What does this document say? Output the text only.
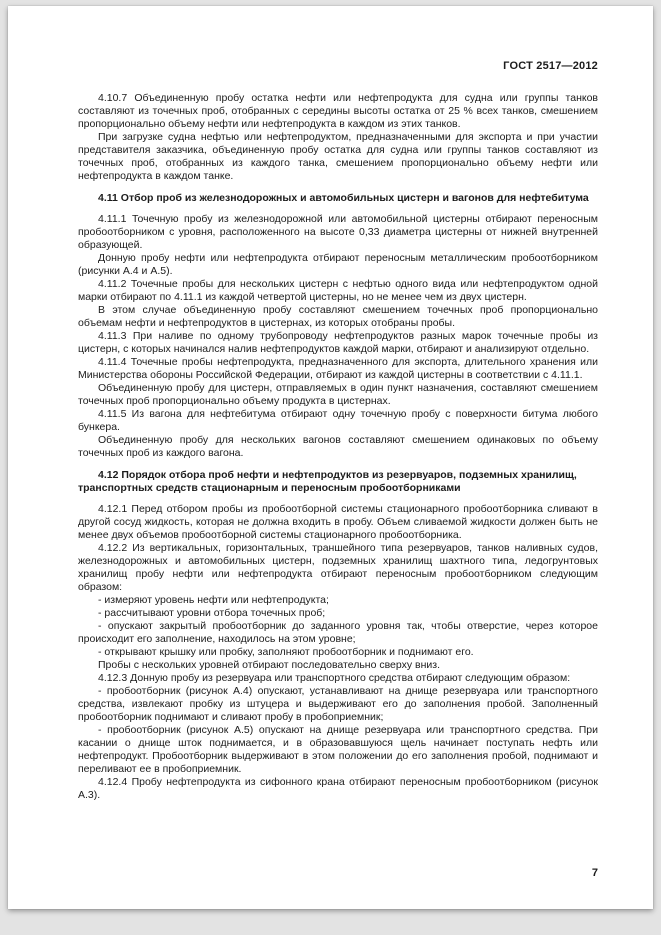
ГОСТ 2517—2012

4.10.7 Объединенную пробу остатка нефти или нефтепродукта для судна или группы танков составляют из точечных проб, отобранных с середины высоты остатка от 25 % всех танков, смешением пропорционально объему нефти или нефтепродукта в каждом из этих танков.

При загрузке судна нефтью или нефтепродуктом, предназначенными для экспорта и при участии представителя заказчика, объединенную пробу остатка для судна или группы танков составляют из точечных проб, отобранных из каждого танка, смешением пропорционально объему нефти или нефтепродукта в каждом танке.

4.11 Отбор проб из железнодорожных и автомобильных цистерн и вагонов для нефтебитума

4.11.1 Точечную пробу из железнодорожной или автомобильной цистерны отбирают переносным пробоотборником с уровня, расположенного на высоте 0,33 диаметра цистерны от нижней внутренней образующей.

Донную пробу нефти или нефтепродукта отбирают переносным металлическим пробоотборником (рисунки А.4 и А.5).

4.11.2 Точечные пробы для нескольких цистерн с нефтью одного вида или нефтепродуктом одной марки отбирают по 4.11.1 из каждой четвертой цистерны, но не менее чем из двух цистерн.

В этом случае объединенную пробу составляют смешением точечных проб пропорционально объемам нефти и нефтепродуктов в цистернах, из которых отобраны пробы.

4.11.3 При наливе по одному трубопроводу нефтепродуктов разных марок точечные пробы из цистерн, с которых начинался налив нефтепродуктов каждой марки, отбирают и анализируют отдельно.

4.11.4 Точечные пробы нефтепродукта, предназначенного для экспорта, длительного хранения или Министерства обороны Российской Федерации, отбирают из каждой цистерны в соответствии с 4.11.1.

Объединенную пробу для цистерн, отправляемых в один пункт назначения, составляют смешением точечных проб пропорционально объему продукта в цистернах.

4.11.5 Из вагона для нефтебитума отбирают одну точечную пробу с поверхности битума любого бункера.

Объединенную пробу для нескольких вагонов составляют смешением одинаковых по объему точечных проб из каждого вагона.

4.12 Порядок отбора проб нефти и нефтепродуктов из резервуаров, подземных хранилищ, транспортных средств стационарным и переносным пробоотборниками

4.12.1 Перед отбором пробы из пробоотборной системы стационарного пробоотборника сливают в другой сосуд жидкость, которая не должна входить в пробу. Объем сливаемой жидкости должен быть не менее двух объемов пробоотборной системы стационарного пробоотборника.

4.12.2 Из вертикальных, горизонтальных, траншейного типа резервуаров, танков наливных судов, железнодорожных и автомобильных цистерн, подземных хранилищ шахтного типа, ледогрунтовых хранилищ пробу нефти или нефтепродукта отбирают переносным пробоотборником следующим образом:

- измеряют уровень нефти или нефтепродукта;

- рассчитывают уровни отбора точечных проб;

- опускают закрытый пробоотборник до заданного уровня так, чтобы отверстие, через которое происходит его заполнение, находилось на этом уровне;

- открывают крышку или пробку, заполняют пробоотборник и поднимают его.

Пробы с нескольких уровней отбирают последовательно сверху вниз.

4.12.3 Донную пробу из резервуара или транспортного средства отбирают следующим образом:

- пробоотборник (рисунок А.4) опускают, устанавливают на днище резервуара или транспортного средства, извлекают пробку из штуцера и выдерживают его до заполнения пробой. Заполненный пробоотборник поднимают и сливают пробу в пробоприемник;

- пробоотборник (рисунок А.5) опускают на днище резервуара или транспортного средства. При касании о днище шток поднимается, и в образовавшуюся щель начинает поступать нефть или нефтепродукт. Пробоотборник выдерживают в этом положении до его заполнения пробой, поднимают и переливают ее в пробоприемник.

4.12.4 Пробу нефтепродукта из сифонного крана отбирают переносным пробоотборником (рисунок А.3).

7
